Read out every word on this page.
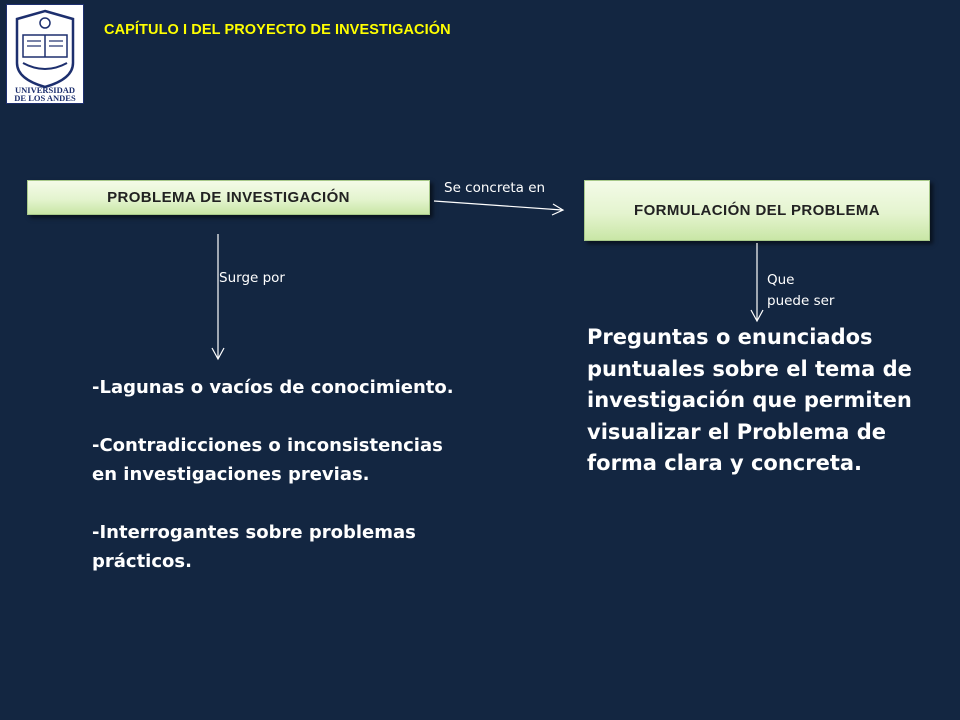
UNIVERSIDAD
DE LOS ANDES
CAPÍTULO I DEL PROYECTO DE INVESTIGACIÓN
PROBLEMA DE INVESTIGACIÓN
FORMULACIÓN DEL PROBLEMA
Se concreta en
Surge por	Que
puede ser

-Lagunas o vacíos de conocimiento.

-Contradicciones o inconsistencias en investigaciones previas.

-Interrogantes sobre problemas prácticos.

Preguntas o enunciados puntuales sobre el tema de investigación que permiten visualizar el Problema de forma clara y concreta.
